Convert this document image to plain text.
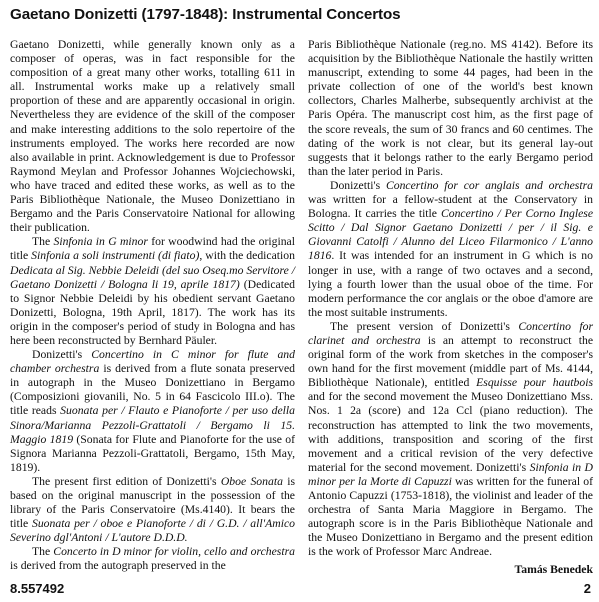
Gaetano Donizetti (1797-1848): Instrumental Concertos

Gaetano Donizetti, while generally known only as a composer of operas, was in fact responsible for the composition of a great many other works, totalling 611 in all. Instrumental works make up a relatively small proportion of these and are apparently occasional in origin. Nevertheless they are evidence of the skill of the composer and make interesting additions to the solo repertoire of the instruments employed. The works here recorded are now also available in print. Acknowledgement is due to Professor Raymond Meylan and Professor Johannes Wojciechowski, who have traced and edited these works, as well as to the Paris Bibliothèque Nationale, the Museo Donizettiano in Bergamo and the Paris Conservatoire National for allowing their publication.

The Sinfonia in G minor for woodwind had the original title Sinfonia a soli instrumenti (di fiato), with the dedication Dedicata al Sig. Nebbie Deleidi (del suo Oseq.mo Servitore / Gaetano Donizetti / Bologna li 19, aprile 1817) (Dedicated to Signor Nebbie Deleidi by his obedient servant Gaetano Donizetti, Bologna, 19th April, 1817). The work has its origin in the composer's period of study in Bologna and has here been reconstructed by Bernhard Päuler.

Donizetti's Concertino in C minor for flute and chamber orchestra is derived from a flute sonata preserved in autograph in the Museo Donizettiano in Bergamo (Composizioni giovanili, No. 5 in 64 Fascicolo III.o). The title reads Suonata per / Flauto e Pianoforte / per uso della Sinora/Marianna Pezzoli-Grattatoli / Bergamo li 15. Maggio 1819 (Sonata for Flute and Pianoforte for the use of Signora Marianna Pezzoli-Grattatoli, Bergamo, 15th May, 1819).

The present first edition of Donizetti's Oboe Sonata is based on the original manuscript in the possession of the library of the Paris Conservatoire (Ms.4140). It bears the title Suonata per / oboe e Pianoforte / di / G.D. / all'Amico Severino dgl'Antoni / L'autore D.D.D.

The Concerto in D minor for violin, cello and orchestra is derived from the autograph preserved in the

Paris Bibliothèque Nationale (reg.no. MS 4142). Before its acquisition by the Bibliothèque Nationale the hastily written manuscript, extending to some 44 pages, had been in the private collection of one of the world's best known collectors, Charles Malherbe, subsequently archivist at the Paris Opéra. The manuscript cost him, as the first page of the score reveals, the sum of 30 francs and 60 centimes. The dating of the work is not clear, but its general lay-out suggests that it belongs rather to the early Bergamo period than the later period in Paris.

Donizetti's Concertino for cor anglais and orchestra was written for a fellow-student at the Conservatory in Bologna. It carries the title Concertino / Per Corno Inglese Scitto / Dal Signor Gaetano Donizetti / per / il Sig. e Giovanni Catolfi / Alunno del Liceo Filarmonico / L'anno 1816. It was intended for an instrument in G which is no longer in use, with a range of two octaves and a second, lying a fourth lower than the usual oboe of the time. For modern performance the cor anglais or the oboe d'amore are the most suitable instruments.

The present version of Donizetti's Concertino for clarinet and orchestra is an attempt to reconstruct the original form of the work from sketches in the composer's own hand for the first movement (middle part of Ms. 4144, Bibliothèque Nationale), entitled Esquisse pour hautbois and for the second movement the Museo Donizettiano Mss. Nos. 1 2a (score) and 12a Ccl (piano reduction). The reconstruction has attempted to link the two movements, with additions, transposition and scoring of the first movement and a critical revision of the very defective material for the second movement. Donizetti's Sinfonia in D minor per la Morte di Capuzzi was written for the funeral of Antonio Capuzzi (1753-1818), the violinist and leader of the orchestra of Santa Maria Maggiore in Bergamo. The autograph score is in the Paris Bibliothèque Nationale and the Museo Donizettiano in Bergamo and the present edition is the work of Professor Marc Andreae.

Tamás Benedek
8.557492	2
